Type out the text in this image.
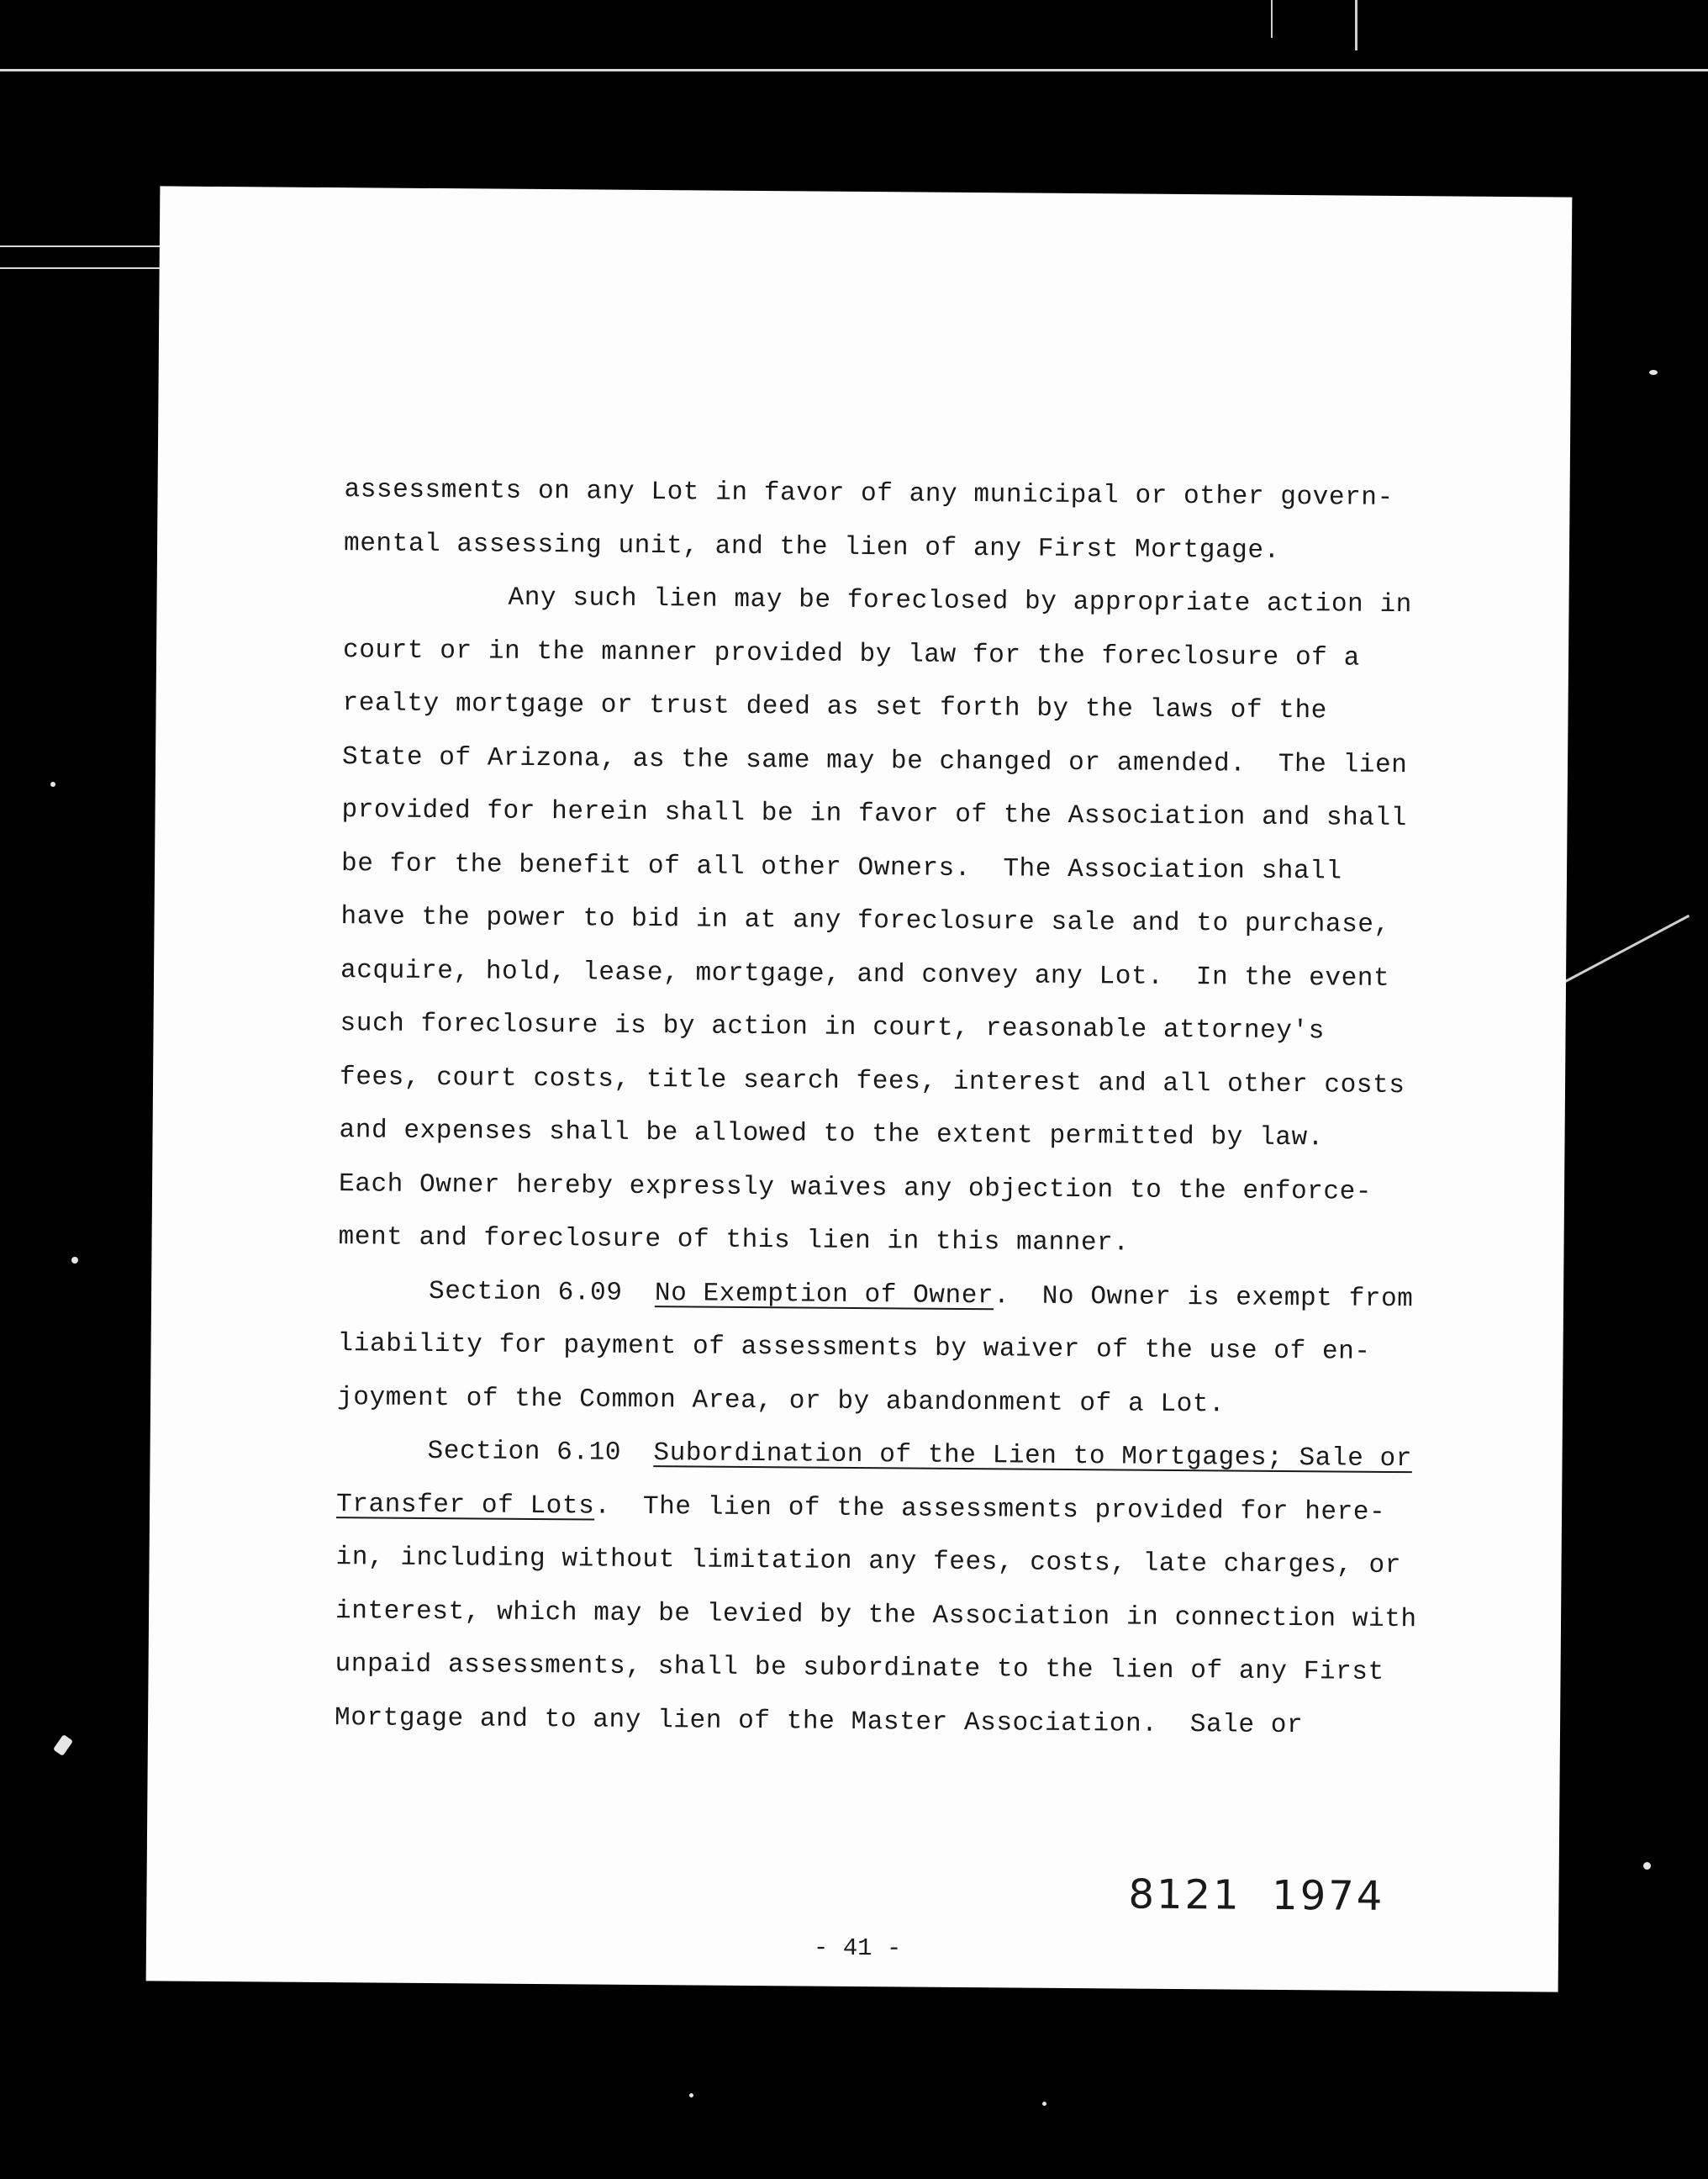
assessments on any Lot in favor of any municipal or other govern-
mental assessing unit, and the lien of any First Mortgage.
Any such lien may be foreclosed by appropriate action in
court or in the manner provided by law for the foreclosure of a
realty mortgage or trust deed as set forth by the laws of the
State of Arizona, as the same may be changed or amended.  The lien
provided for herein shall be in favor of the Association and shall
be for the benefit of all other Owners.  The Association shall
have the power to bid in at any foreclosure sale and to purchase,
acquire, hold, lease, mortgage, and convey any Lot.  In the event
such foreclosure is by action in court, reasonable attorney's
fees, court costs, title search fees, interest and all other costs
and expenses shall be allowed to the extent permitted by law.
Each Owner hereby expressly waives any objection to the enforce-
ment and foreclosure of this lien in this manner.
Section 6.09 No Exemption of Owner.  No Owner is exempt from
liability for payment of assessments by waiver of the use of en-
joyment of the Common Area, or by abandonment of a Lot.
Section 6.10 Subordination of the Lien to Mortgages; Sale or
Transfer of Lots.  The lien of the assessments provided for here-
in, including without limitation any fees, costs, late charges, or
interest, which may be levied by the Association in connection with
unpaid assessments, shall be subordinate to the lien of any First
Mortgage and to any lien of the Master Association.  Sale or
8121  1974
- 41 -
